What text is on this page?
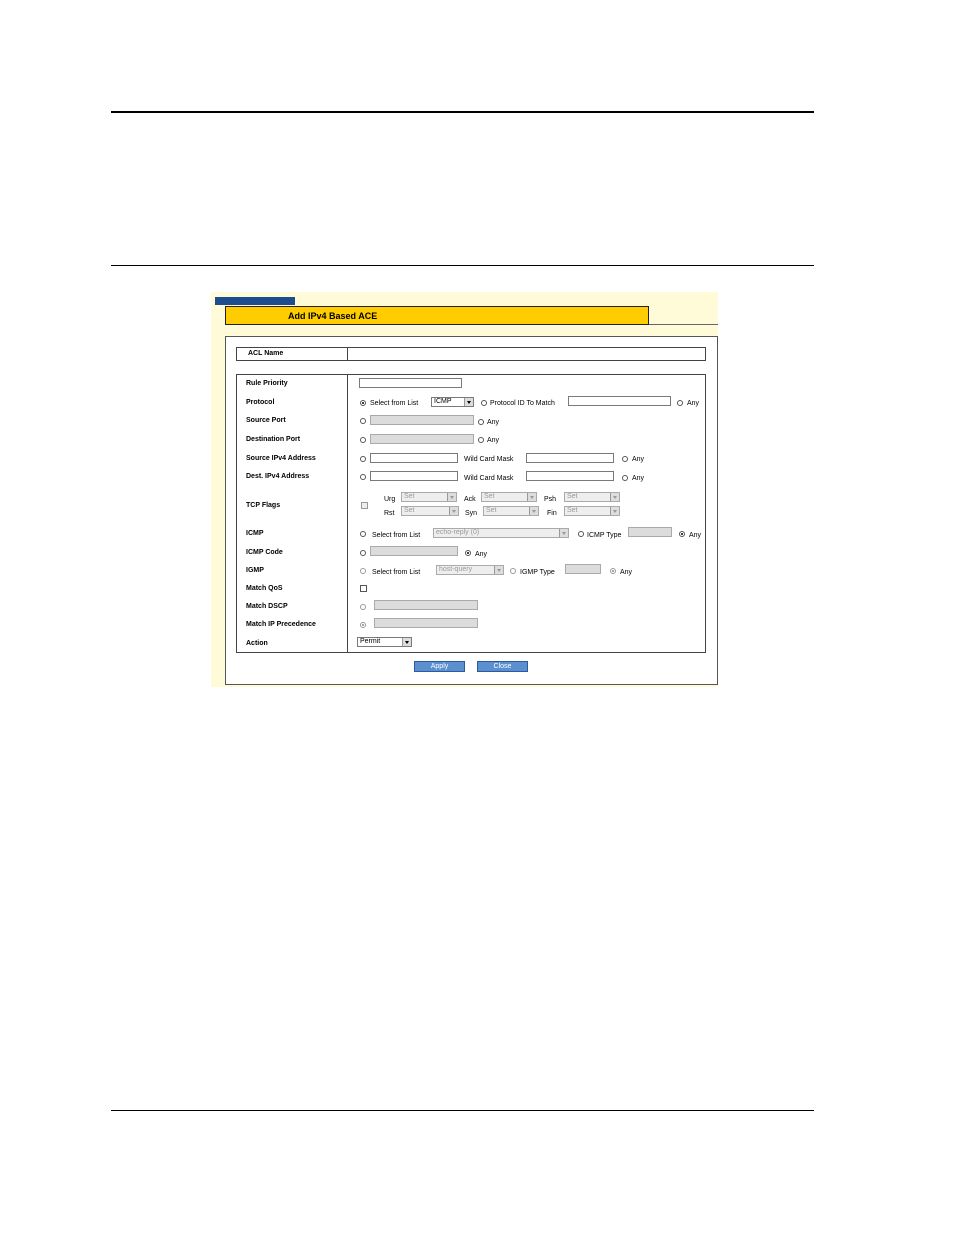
Add IPv4 Based ACE
ACL Name
Rule Priority
Protocol	Select from List	ICMP	Protocol ID To Match	Any
Source Port	Any
Destination Port	Any
Source IPv4 Address	Wild Card Mask	Any
Dest. IPv4 Address	Wild Card Mask	Any
TCP Flags
Urg	Set	Ack	Set	Psh	Set
Rst	Set	Syn	Set	Fin	Set
ICMP	Select from List	echo-reply (0)	ICMP Type	Any
ICMP Code	Any
IGMP	Select from List	host-query	IGMP Type	Any
Match QoS
Match DSCP
Match IP Precedence
Action	Permit
Apply	Close
